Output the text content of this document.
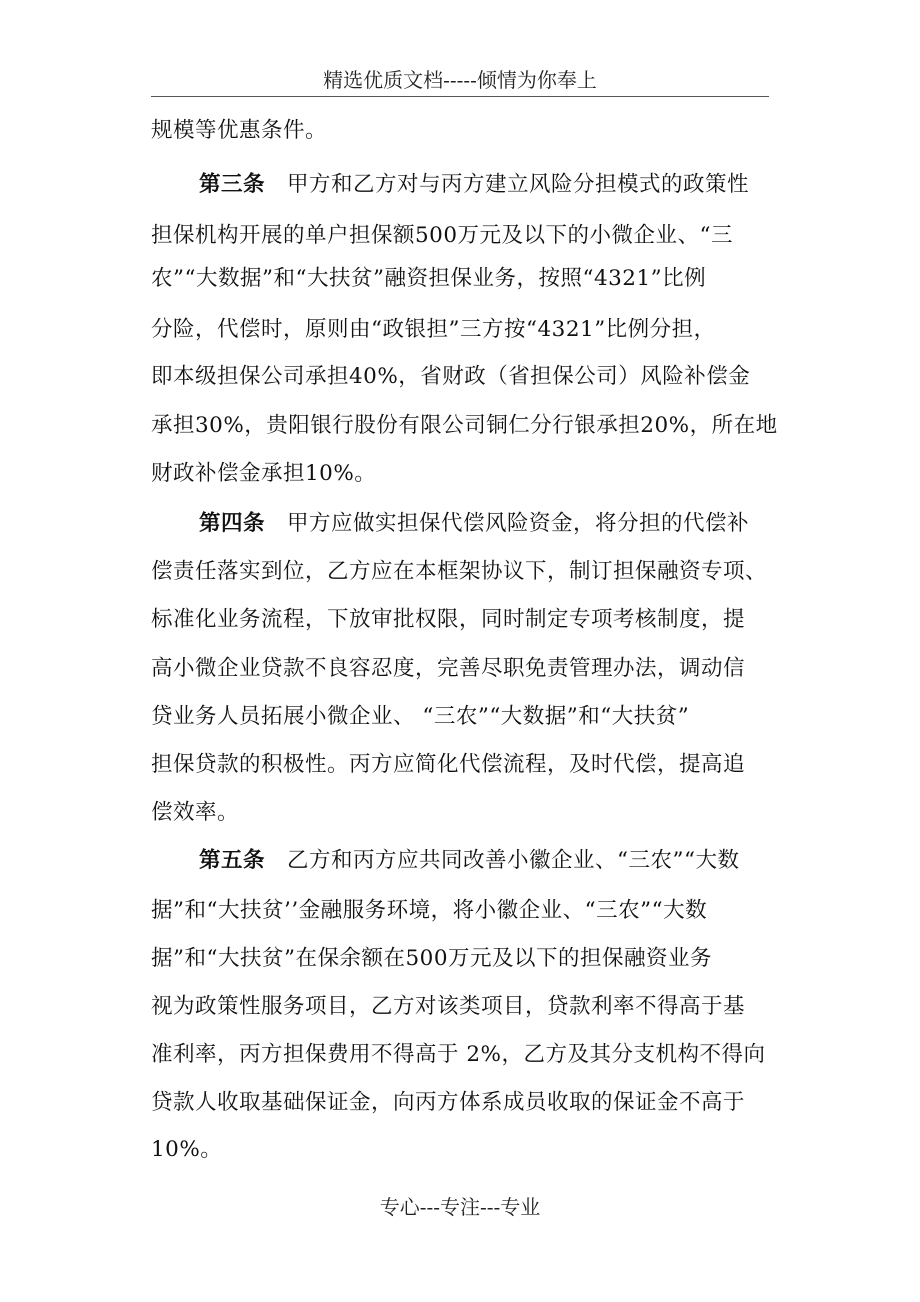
精选优质文档-----倾情为你奉上
规模等优惠条件。
第三条 甲方和乙方对与丙方建立风险分担模式的政策性
担保机构开展的单户担保额500万元及以下的小微企业、“三
农”“大数据”和“大扶贫”融资担保业务，按照“4321”比例
分险，代偿时，原则由“政银担”三方按“4321”比例分担，
即本级担保公司承担40%，省财政（省担保公司）风险补偿金
承担30%，贵阳银行股份有限公司铜仁分行银承担20%，所在地
财政补偿金承担10%。
第四条 甲方应做实担保代偿风险资金，将分担的代偿补
偿责任落实到位，乙方应在本框架协议下，制订担保融资专项、
标准化业务流程，下放审批权限，同时制定专项考核制度，提
高小微企业贷款不良容忍度，完善尽职免责管理办法，调动信
贷业务人员拓展小微企业、 “三农”“大数据”和“大扶贫”
担保贷款的积极性。丙方应简化代偿流程，及时代偿，提高追
偿效率。
第五条 乙方和丙方应共同改善小徽企业、“三农”“大数
据”和“大扶贫’’金融服务环境，将小徽企业、“三农”“大数
据”和“大扶贫”在保余额在500万元及以下的担保融资业务
视为政策性服务项目，乙方对该类项目，贷款利率不得高于基
准利率，丙方担保费用不得高于 2%，乙方及其分支机构不得向
贷款人收取基础保证金，向丙方体系成员收取的保证金不高于
10%。
专心---专注---专业
